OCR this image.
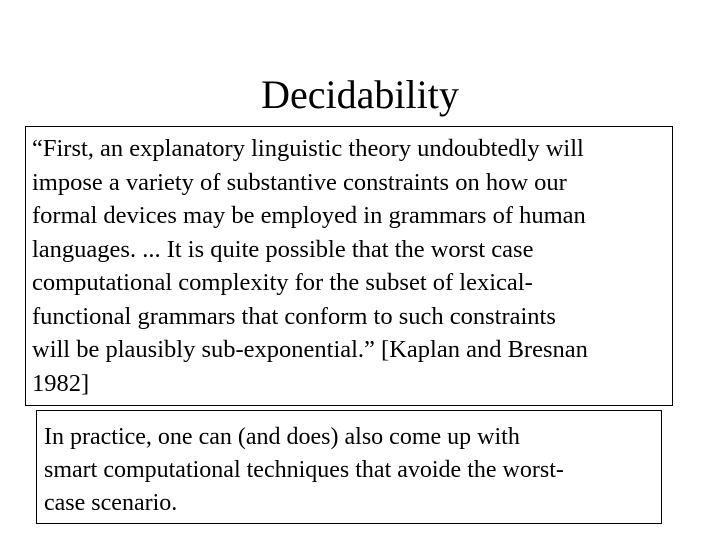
Decidability
“First, an explanatory linguistic theory undoubtedly will
impose a variety of substantive constraints on how our
formal devices may be employed in grammars of human
languages. ... It is quite possible that the worst case
computational complexity for the subset of lexical-
functional grammars that conform to such constraints
will be plausibly sub-exponential.” [Kaplan and Bresnan
1982]
In practice, one can (and does) also come up with
smart computational techniques that avoide the worst-
case scenario.
